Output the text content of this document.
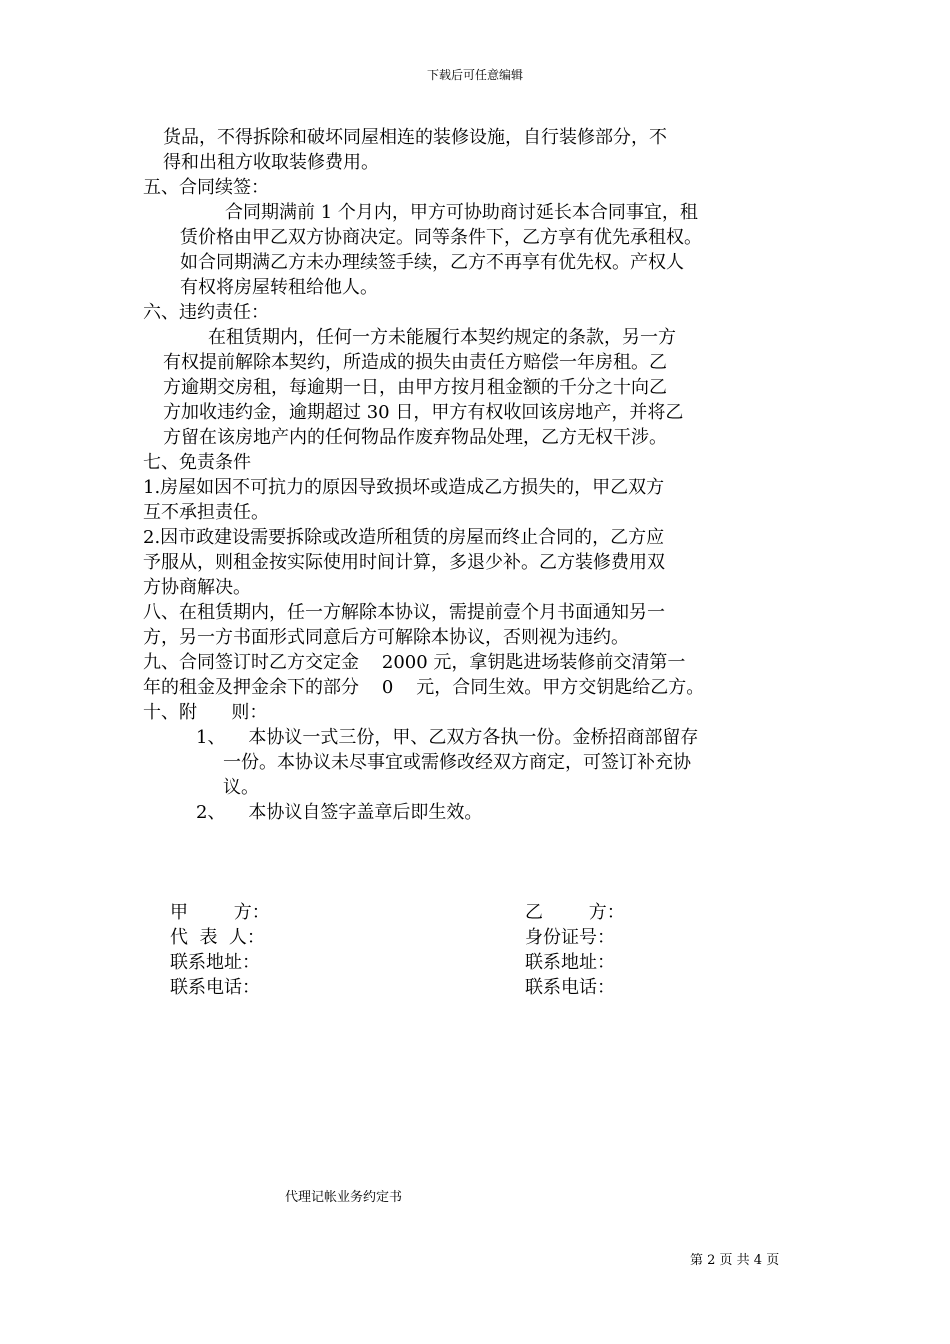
下载后可任意编辑
货品，不得拆除和破坏同屋相连的装修设施，自行装修部分，不
得和出租方收取装修费用。
五、合同续签：
合同期满前 1 个月内，甲方可协助商讨延长本合同事宜，租
赁价格由甲乙双方协商决定。同等条件下，乙方享有优先承租权。
如合同期满乙方未办理续签手续，乙方不再享有优先权。产权人
有权将房屋转租给他人。
六、违约责任：
在租赁期内，任何一方未能履行本契约规定的条款，另一方
有权提前解除本契约，所造成的损失由责任方赔偿一年房租。乙
方逾期交房租，每逾期一日，由甲方按月租金额的千分之十向乙
方加收违约金，逾期超过 30 日，甲方有权收回该房地产，并将乙
方留在该房地产内的任何物品作废弃物品处理，乙方无权干涉。
七、免责条件
1.房屋如因不可抗力的原因导致损坏或造成乙方损失的，甲乙双方
互不承担责任。
2.因市政建设需要拆除或改造所租赁的房屋而终止合同的，乙方应
予服从，则租金按实际使用时间计算，多退少补。乙方装修费用双
方协商解决。
八、在租赁期内，任一方解除本协议，需提前壹个月书面通知另一
方，另一方书面形式同意后方可解除本协议，否则视为违约。
九、合同签订时乙方交定金    2000 元，拿钥匙进场装修前交清第一
年的租金及押金余下的部分    0    元，合同生效。甲方交钥匙给乙方。
十、附      则：
1、    本协议一式三份，甲、乙双方各执一份。金桥招商部留存
一份。本协议未尽事宜或需修改经双方商定，可签订补充协
议。
2、    本协议自签字盖章后即生效。
甲        方：
代  表  人：
联系地址：
联系电话：
乙        方：
身份证号：
联系地址：
联系电话：
代理记帐业务约定书
第 2 页 共 4 页
